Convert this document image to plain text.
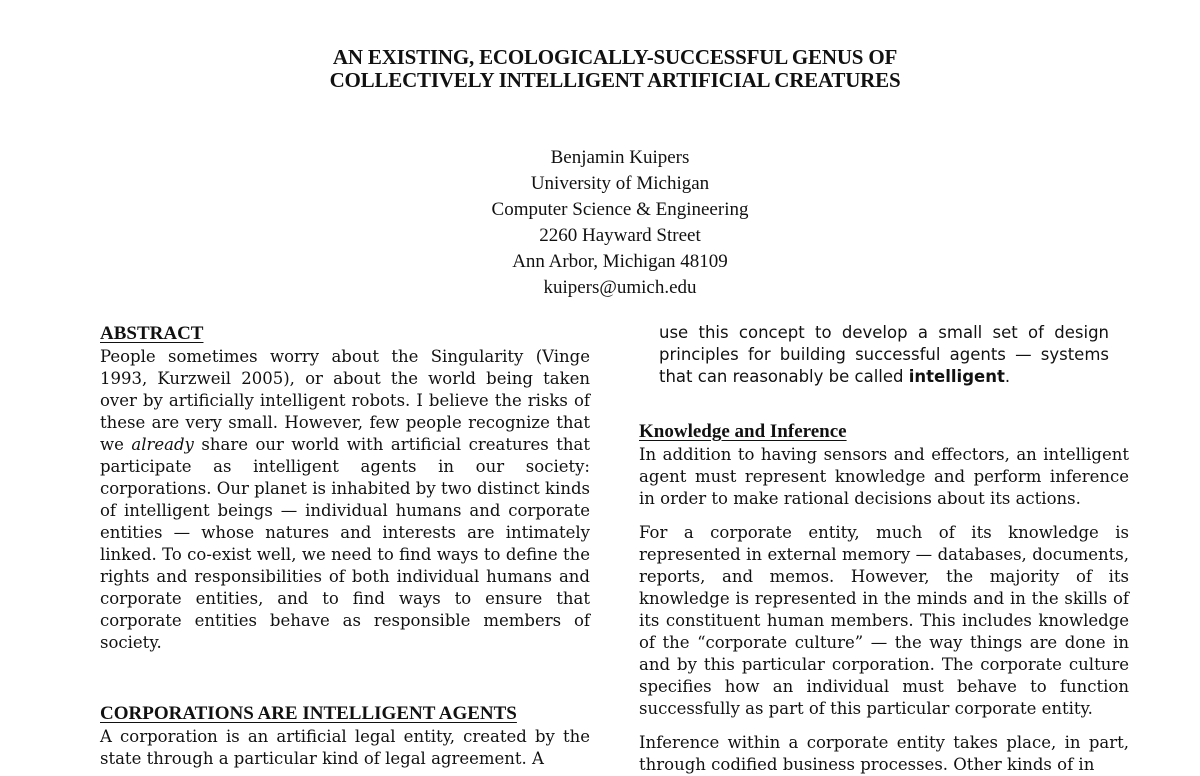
AN EXISTING, ECOLOGICALLY-SUCCESSFUL GENUS OF
COLLECTIVELY INTELLIGENT ARTIFICIAL CREATURES
Benjamin Kuipers
University of Michigan
Computer Science & Engineering
2260 Hayward Street
Ann Arbor, Michigan 48109
kuipers@umich.edu
ABSTRACT

People sometimes worry about the Singularity (Vinge 1993, Kurzweil 2005), or about the world being taken over by artificially intelligent robots. I believe the risks of these are very small. However, few people recognize that we already share our world with artificial creatures that participate as intelligent agents in our society: corporations. Our planet is inhabited by two distinct kinds of intelligent beings — individual humans and corporate entities — whose natures and interests are intimately linked. To co-exist well, we need to find ways to define the rights and responsibilities of both individual humans and corporate entities, and to find ways to ensure that corporate entities behave as responsible members of society.

CORPORATIONS ARE INTELLIGENT AGENTS

A corporation is an artificial legal entity, created by the state through a particular kind of legal agreement. A

use this concept to develop a small set of design principles for building successful agents — systems that can reasonably be called intelligent.
Knowledge and Inference

In addition to having sensors and effectors, an intelligent agent must represent knowledge and perform inference in order to make rational decisions about its actions.

For a corporate entity, much of its knowledge is represented in external memory — databases, documents, reports, and memos. However, the majority of its knowledge is represented in the minds and in the skills of its constituent human members. This includes knowledge of the “corporate culture” — the way things are done in and by this particular corporation. The corporate culture specifies how an individual must behave to function successfully as part of this particular corporate entity.

Inference within a corporate entity takes place, in part, through codified business processes. Other kinds of in
